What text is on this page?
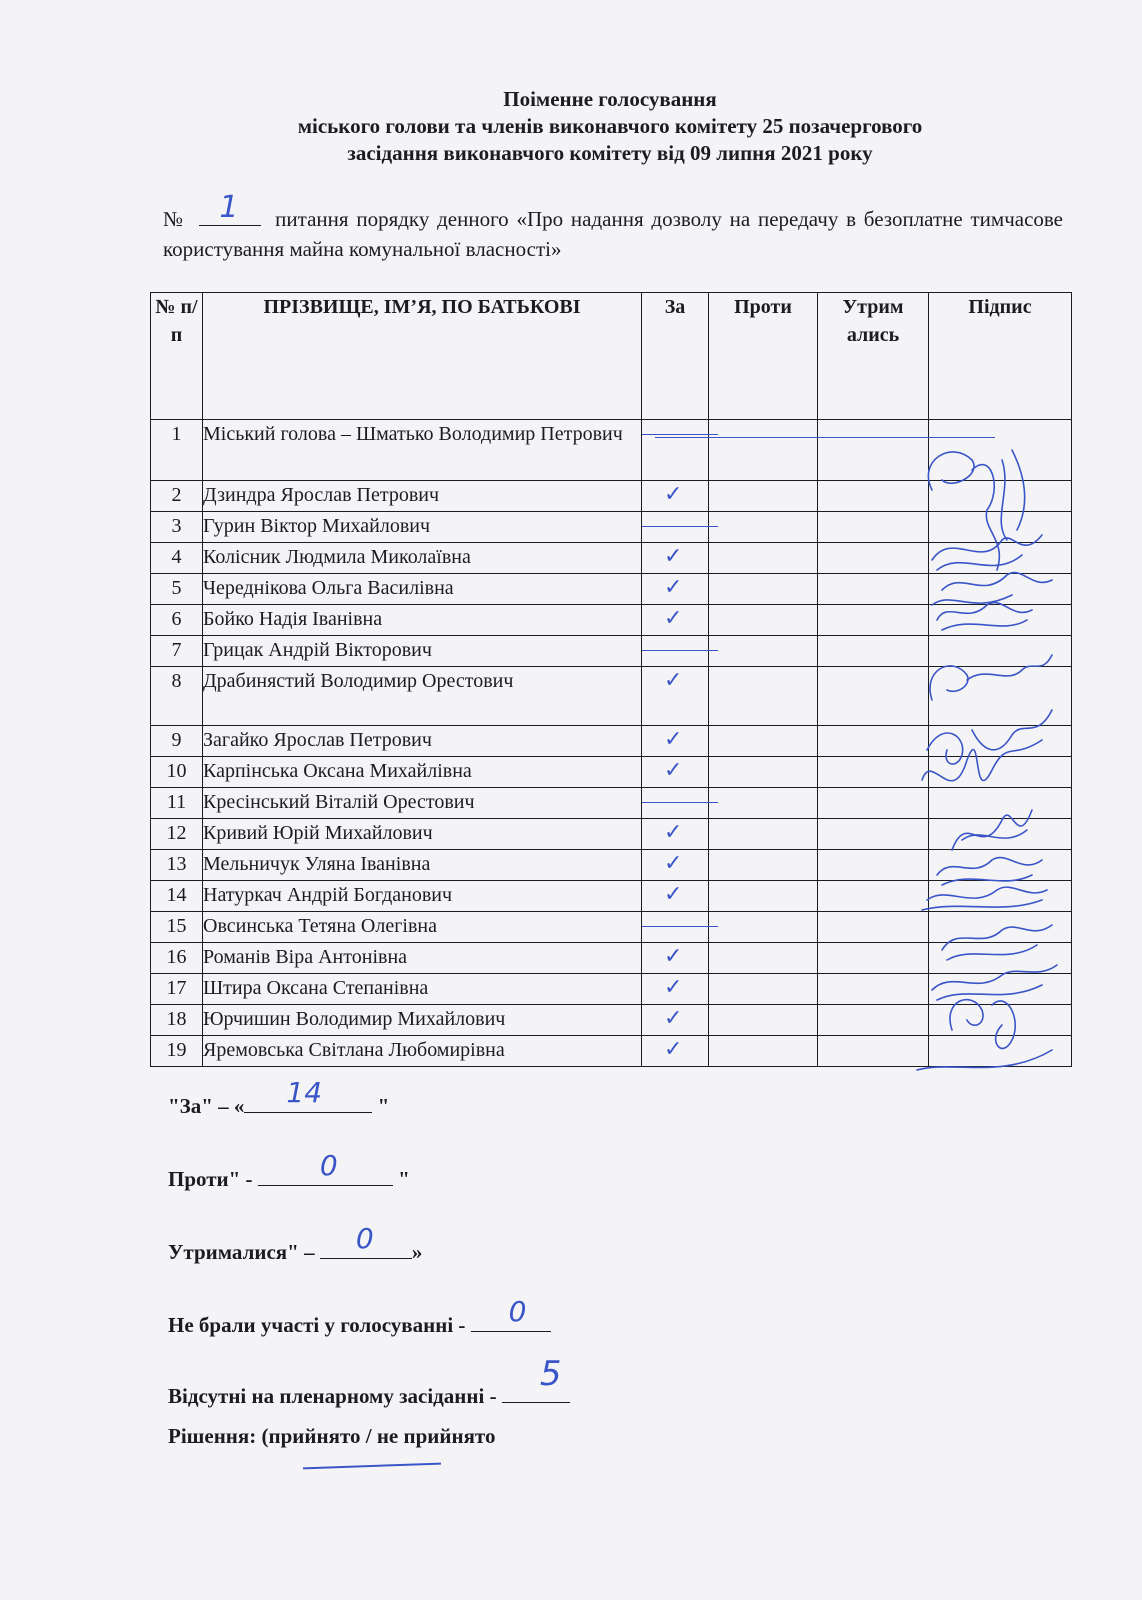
Поіменне голосування
міського голови та членів виконавчого комітету 25 позачергового
засідання виконавчого комітету від 09 липня 2021 року
№ 1 питання порядку денного «Про надання дозволу на передачу в безоплатне тимчасове користування майна комунальної власності»
№ п/п	ПРІЗВИЩЕ, ІМ’Я, ПО БАТЬКОВІ	За	Проти	Утрим ались	Підпис
1	Міський голова – Шматько Володимир Петрович	

2	Дзиндра Ярослав Петрович	✓			

3	Гурин Віктор Михайлович	

4	Колісник Людмила Миколаївна	✓			

5	Череднікова Ольга Василівна	✓			

6	Бойко Надія Іванівна	✓			

7	Грицак Андрій Вікторович	

8	Драбинястий Володимир Орестович	✓			

9	Загайко Ярослав Петрович	✓			

10	Карпінська Оксана Михайлівна	✓			

11	Кресінський Віталій Орестович	

12	Кривий Юрій Михайлович	✓			

13	Мельничук Уляна Іванівна	✓			

14	Натуркач Андрій Богданович	✓			

15	Овсинська Тетяна Олегівна	

16	Романів Віра Антонівна	✓			

17	Штира Оксана Степанівна	✓			

18	Юрчишин Володимир Михайлович	✓			

19	Яремовська Світлана Любомирівна	✓			

"За" – « 14 "
Проти" - 0	"
Утрималися" – 0 »
Не брали участі у голосуванні - 0
Відсутні на пленарному засіданні -
5
Рішення: (прийнято / не прийнято
